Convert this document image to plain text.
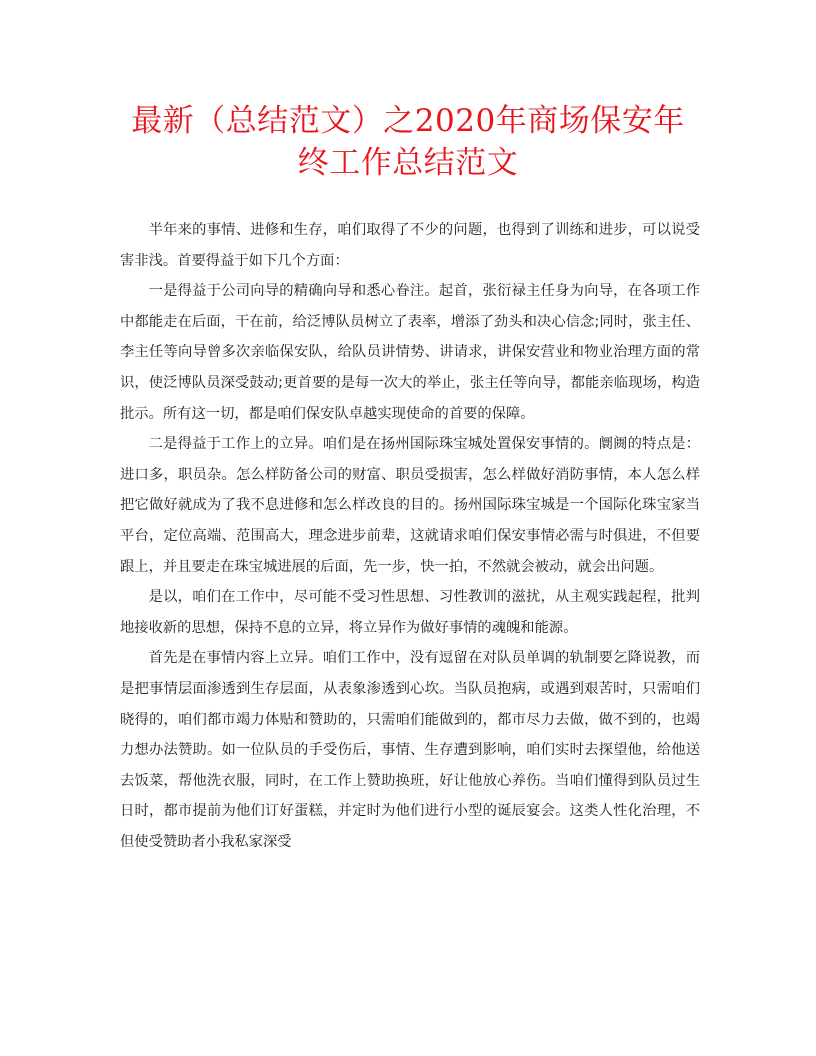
最新（总结范文）之2020年商场保安年
终工作总结范文

半年来的事情、进修和生存，咱们取得了不少的问题，也得到了训练和进步，可以说受害非浅。首要得益于如下几个方面：

一是得益于公司向导的精确向导和悉心眷注。起首，张衍禄主任身为向导，在各项工作中都能走在后面，干在前，给泛博队员树立了表率，增添了劲头和决心信念;同时，张主任、李主任等向导曾多次亲临保安队，给队员讲情势、讲请求，讲保安营业和物业治理方面的常识，使泛博队员深受鼓动;更首要的是每一次大的举止，张主任等向导，都能亲临现场，构造批示。所有这一切，都是咱们保安队卓越实现使命的首要的保障。

二是得益于工作上的立异。咱们是在扬州国际珠宝城处置保安事情的。阛阓的特点是：进口多，职员杂。怎么样防备公司的财富、职员受损害，怎么样做好消防事情，本人怎么样把它做好就成为了我不息进修和怎么样改良的目的。扬州国际珠宝城是一个国际化珠宝家当平台，定位高端、范围高大，理念进步前辈，这就请求咱们保安事情必需与时俱进，不但要跟上，并且要走在珠宝城进展的后面，先一步，快一拍，不然就会被动，就会出问题。

是以，咱们在工作中，尽可能不受习性思想、习性教训的滋扰，从主观实践起程，批判地接收新的思想，保持不息的立异，将立异作为做好事情的魂魄和能源。

首先是在事情内容上立异。咱们工作中，没有逗留在对队员单调的轨制要乞降说教，而是把事情层面渗透到生存层面，从表象渗透到心坎。当队员抱病，或遇到艰苦时，只需咱们晓得的，咱们都市竭力体贴和赞助的，只需咱们能做到的，都市尽力去做，做不到的，也竭力想办法赞助。如一位队员的手受伤后，事情、生存遭到影响，咱们实时去探望他，给他送去饭菜，帮他洗衣服，同时，在工作上赞助换班，好让他放心养伤。当咱们懂得到队员过生日时，都市提前为他们订好蛋糕，并定时为他们进行小型的诞辰宴会。这类人性化治理，不但使受赞助者小我私家深受
